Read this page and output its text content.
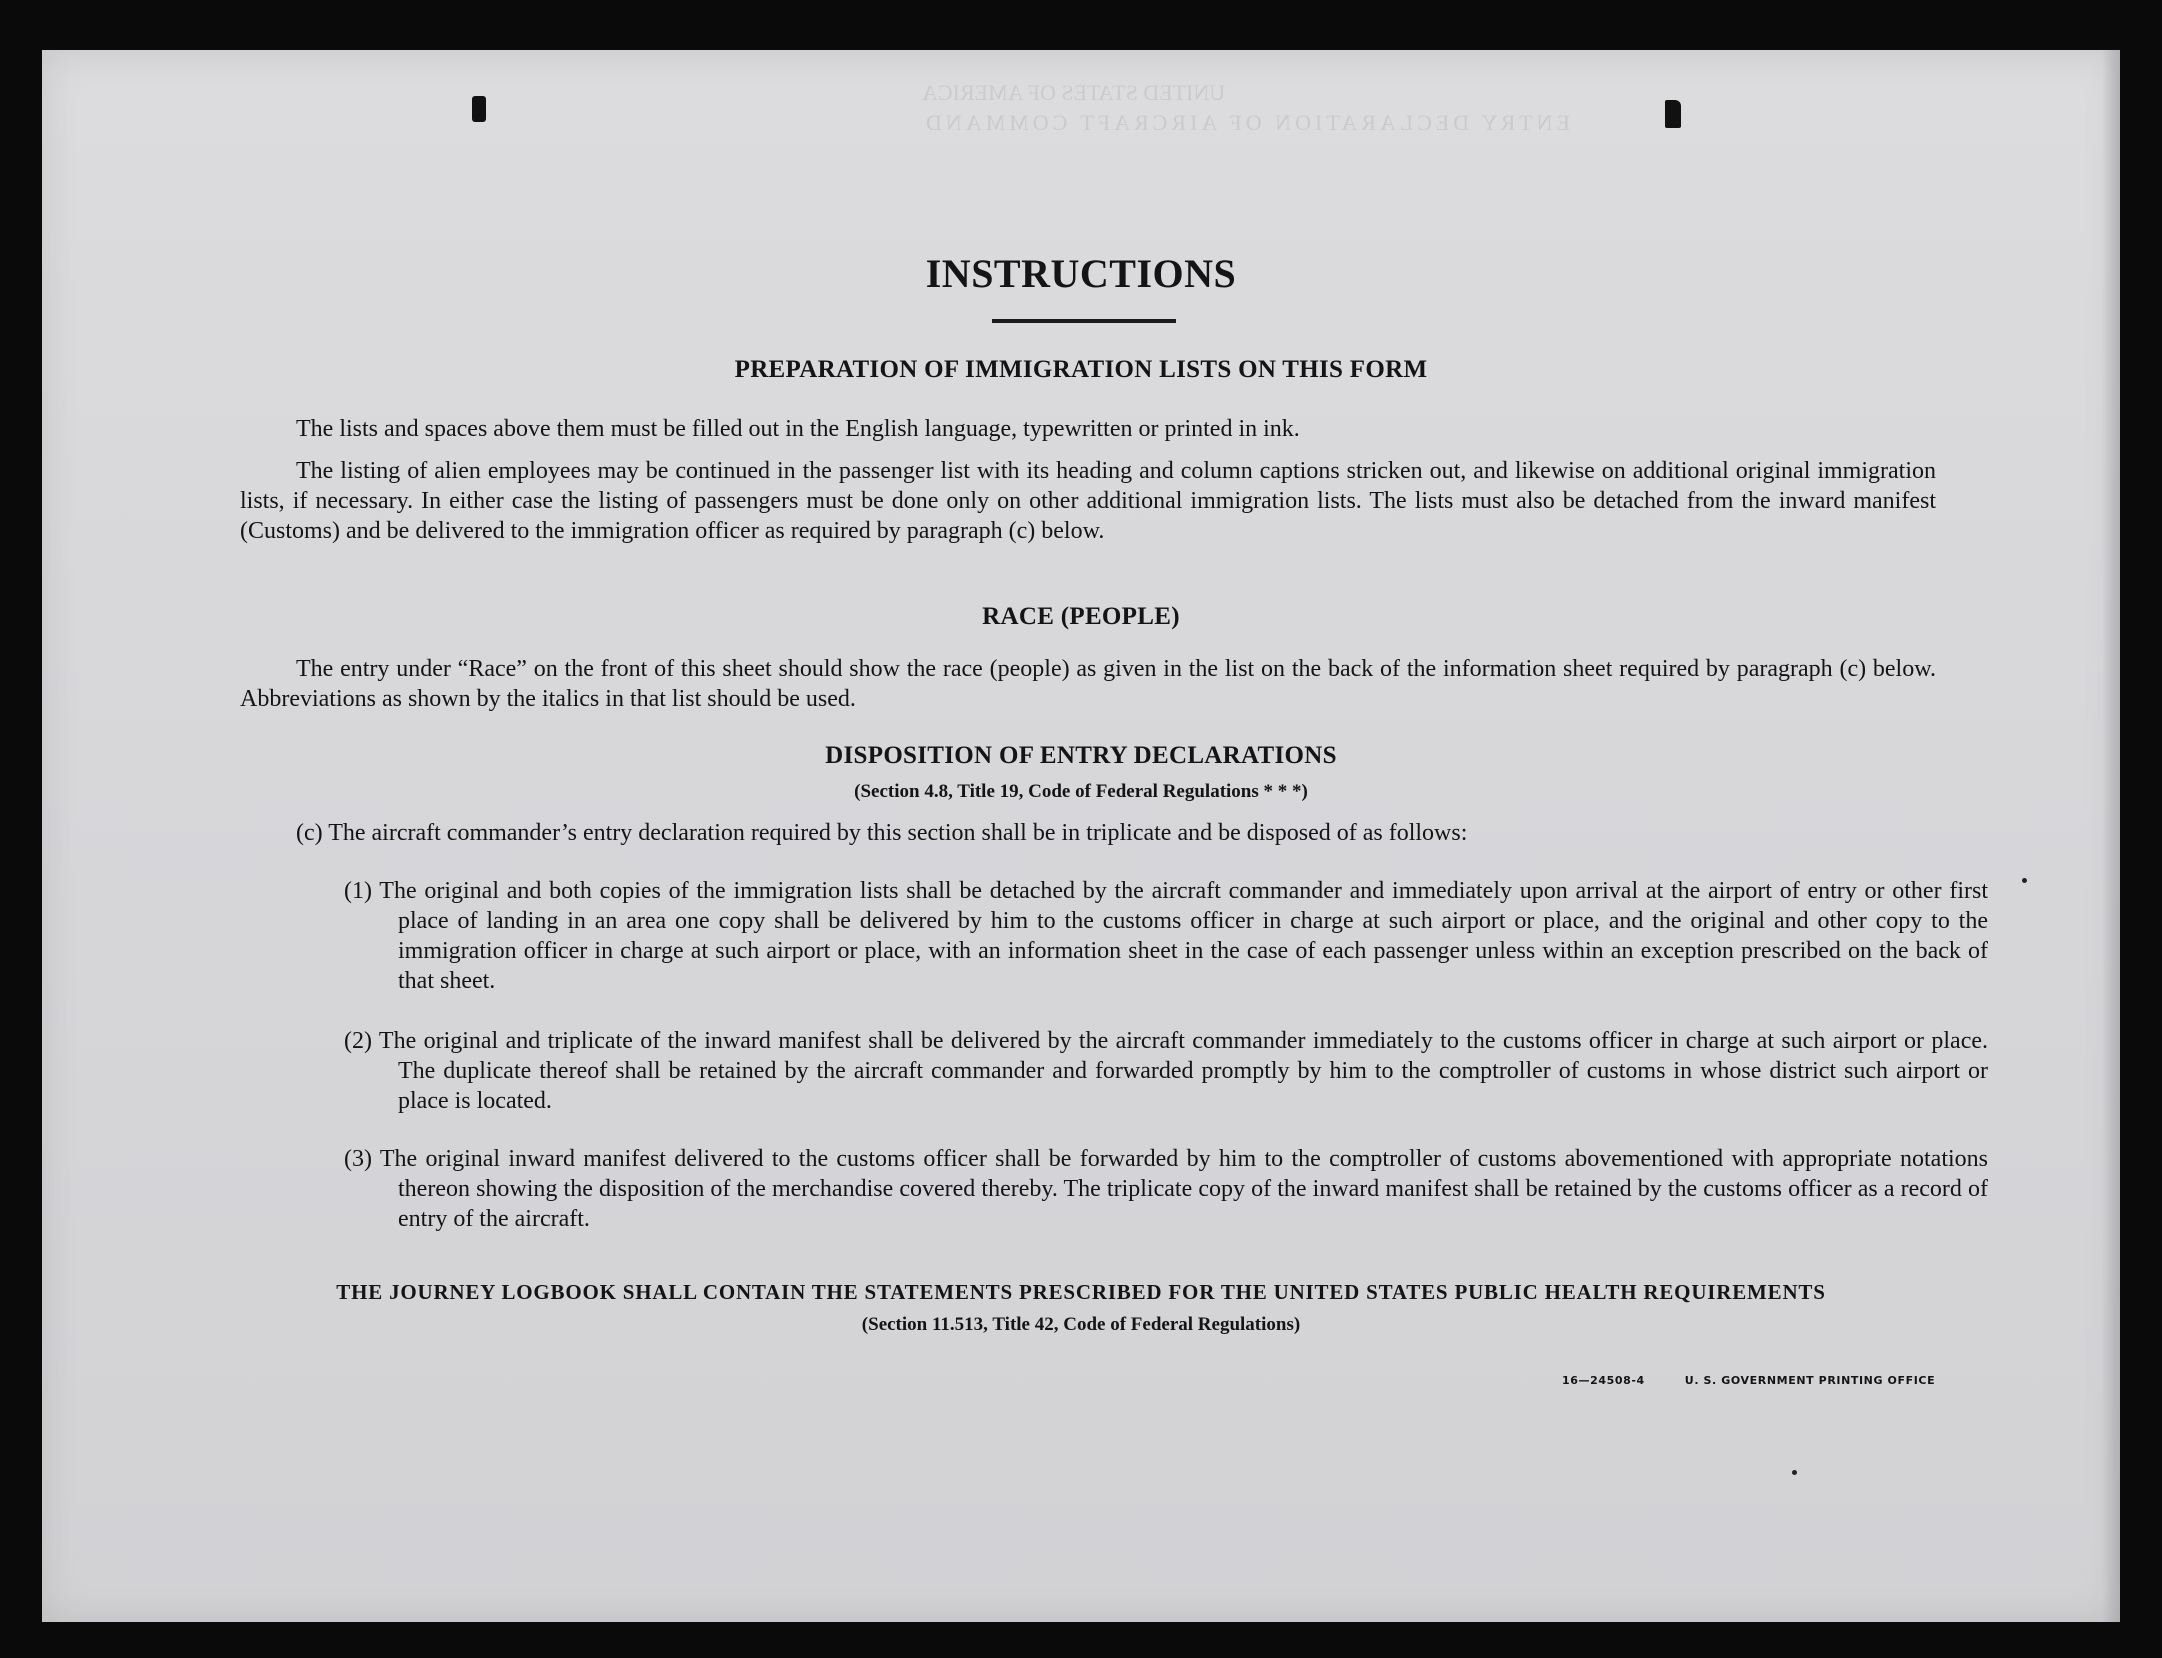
UNITED STATES OF AMERICA
ENTRY DECLARATION OF AIRCRAFT COMMAND
INSTRUCTIONS
PREPARATION OF IMMIGRATION LISTS ON THIS FORM

The lists and spaces above them must be filled out in the English language, typewritten or printed in ink.

The listing of alien employees may be continued in the passenger list with its heading and column captions stricken out, and likewise on additional original immigration lists, if necessary. In either case the listing of passengers must be done only on other additional immigration lists. The lists must also be detached from the inward manifest (Customs) and be delivered to the immigration officer as required by paragraph (c) below.

RACE (PEOPLE)

The entry under “Race” on the front of this sheet should show the race (people) as given in the list on the back of the information sheet required by paragraph (c) below. Abbreviations as shown by the italics in that list should be used.

DISPOSITION OF ENTRY DECLARATIONS

(Section 4.8, Title 19, Code of Federal Regulations * * *)

(c) The aircraft commander’s entry declaration required by this section shall be in triplicate and be disposed of as follows:

(1) The original and both copies of the immigration lists shall be detached by the aircraft commander and immediately upon arrival at the airport of entry or other first place of landing in an area one copy shall be delivered by him to the customs officer in charge at such airport or place, and the original and other copy to the immigration officer in charge at such airport or place, with an information sheet in the case of each passenger unless within an exception prescribed on the back of that sheet.

(2) The original and triplicate of the inward manifest shall be delivered by the aircraft commander immediately to the customs officer in charge at such airport or place. The duplicate thereof shall be retained by the aircraft commander and forwarded promptly by him to the comptroller of customs in whose district such airport or place is located.

(3) The original inward manifest delivered to the customs officer shall be forwarded by him to the comptroller of customs abovementioned with appropriate notations thereon showing the disposition of the merchandise covered thereby. The triplicate copy of the inward manifest shall be retained by the customs officer as a record of entry of the aircraft.

THE JOURNEY LOGBOOK SHALL CONTAIN THE STATEMENTS PRESCRIBED FOR THE UNITED STATES PUBLIC HEALTH REQUIREMENTS

(Section 11.513, Title 42, Code of Federal Regulations)

16—24508-4	U. S. GOVERNMENT PRINTING OFFICE
